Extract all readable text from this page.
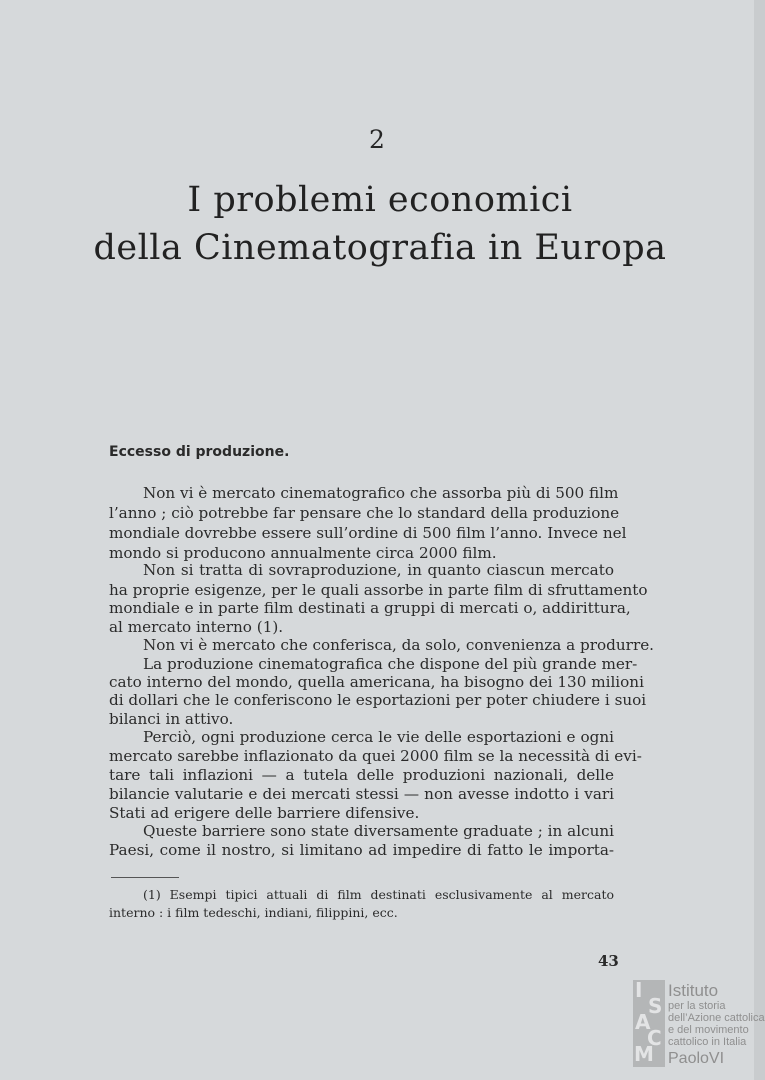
2
I problemi economici
della Cinematografia in Europa
Eccesso di produzione.
Non vi è mercato cinematografico che assorba più di 500 film
l’anno ; ciò potrebbe far pensare che lo standard della produzione
mondiale dovrebbe essere sull’ordine di 500 film l’anno. Invece nel
mondo si producono annualmente circa 2000 film.
Non si tratta di sovraproduzione, in quanto ciascun mercato
ha proprie esigenze, per le quali assorbe in parte film di sfruttamento
mondiale e in parte film destinati a gruppi di mercati o, addirittura,
al mercato interno (1).
Non vi è mercato che conferisca, da solo, convenienza a produrre.
La produzione cinematografica che dispone del più grande mer-
cato interno del mondo, quella americana, ha bisogno dei 130 milioni
di dollari che le conferiscono le esportazioni per poter chiudere i suoi
bilanci in attivo.
Perciò, ogni produzione cerca le vie delle esportazioni e ogni
mercato sarebbe inflazionato da quei 2000 film se la necessità di evi-
tare tali inflazioni — a tutela delle produzioni nazionali, delle
bilancie valutarie e dei mercati stessi — non avesse indotto i vari
Stati ad erigere delle barriere difensive.
Queste barriere sono state diversamente graduate ; in alcuni
Paesi, come il nostro, si limitano ad impedire di fatto le importa-
(1) Esempi tipici attuali di film destinati esclusivamente al mercato
interno : i film tedeschi, indiani, filippini, ecc.
43
I
S
A
C
M
Istituto
per la storia
dell’Azione cattolica
e del movimento
cattolico in Italia
PaoloVI
